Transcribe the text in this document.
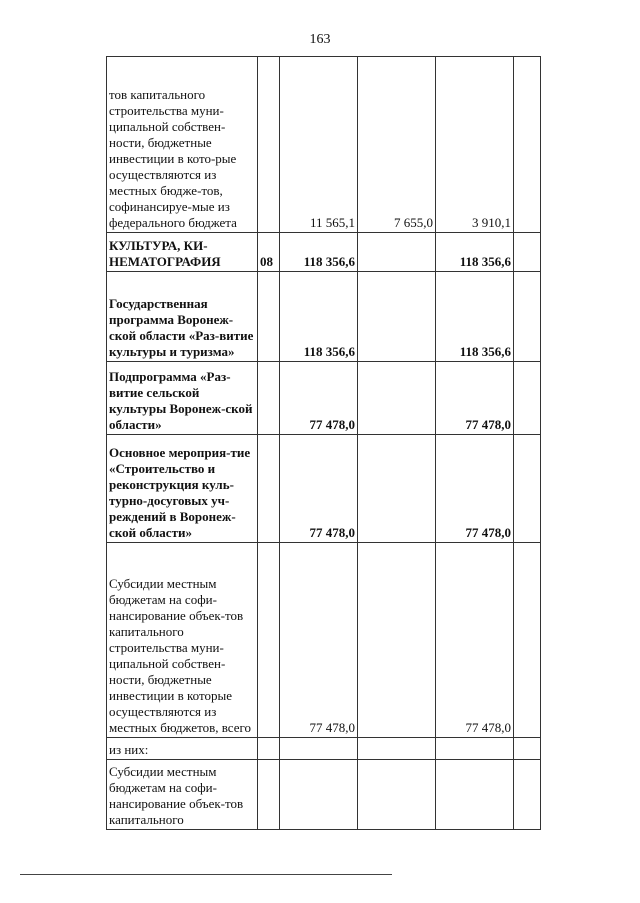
163
тов капитального строительства муни-ципальной собствен-ности, бюджетные инвестиции в кото-рые осуществляются из местных бюдже-тов, софинансируе-мые из федерального бюджета		11 565,1	7 655,0	3 910,1	
КУЛЬТУРА, КИ-НЕМАТОГРАФИЯ	08	118 356,6		118 356,6	
Государственная программа Воронеж-ской области «Раз-витие культуры и туризма»		118 356,6		118 356,6	
Подпрограмма «Раз-витие сельской культуры Воронеж-ской области»		77 478,0		77 478,0	
Основное мероприя-тие «Строительство и реконструкция куль-турно-досуговых уч-реждений в Воронеж-ской области»		77 478,0		77 478,0	
Субсидии местным бюджетам на софи-нансирование объек-тов капитального строительства муни-ципальной собствен-ности, бюджетные инвестиции в которые осуществляются из местных бюджетов, всего		77 478,0		77 478,0	
из них:					
Субсидии местным бюджетам на софи-нансирование объек-тов капитального					
